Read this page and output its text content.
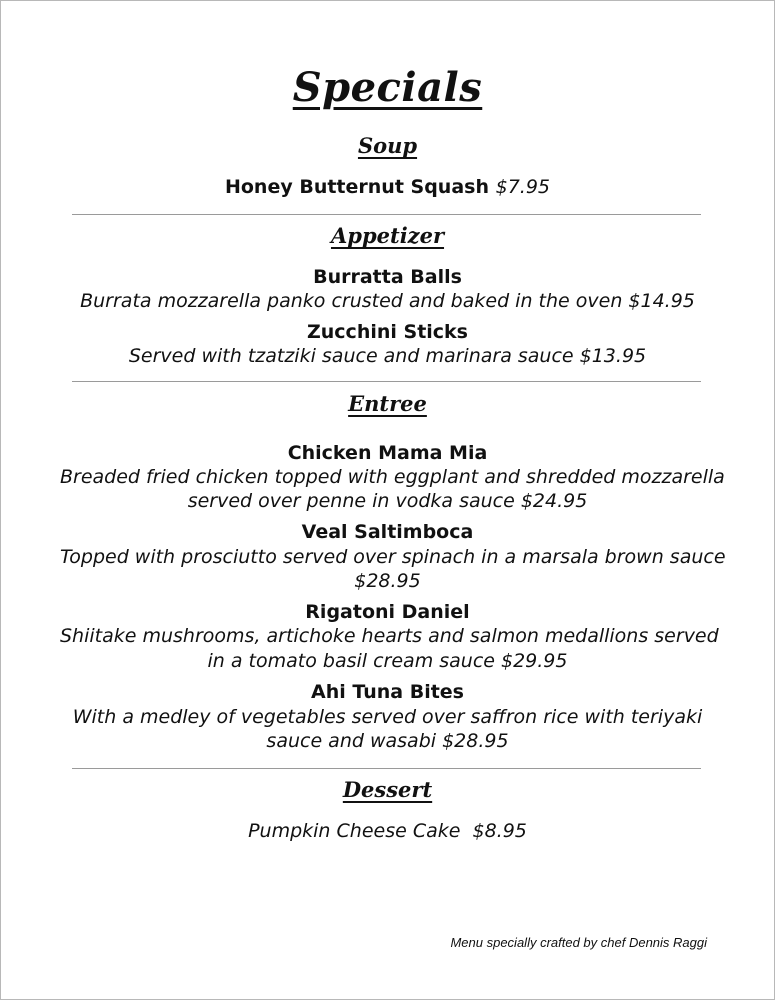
Specials
Soup
Honey Butternut Squash $7.95
Appetizer
Burratta Balls
Burrata mozzarella panko crusted and baked in the oven $14.95
Zucchini Sticks
Served with tzatziki sauce and marinara sauce $13.95
Entree
Chicken Mama Mia
Breaded fried chicken topped with eggplant and shredded mozzarella
served over penne in vodka sauce $24.95
Veal Saltimboca
Topped with prosciutto served over spinach in a marsala brown sauce
$28.95
Rigatoni Daniel
Shiitake mushrooms, artichoke hearts and salmon medallions served
in a tomato basil cream sauce $29.95
Ahi Tuna Bites
With a medley of vegetables served over saffron rice with teriyaki
sauce and wasabi $28.95
Dessert
Pumpkin Cheese Cake  $8.95
Menu specially crafted by chef Dennis Raggi
